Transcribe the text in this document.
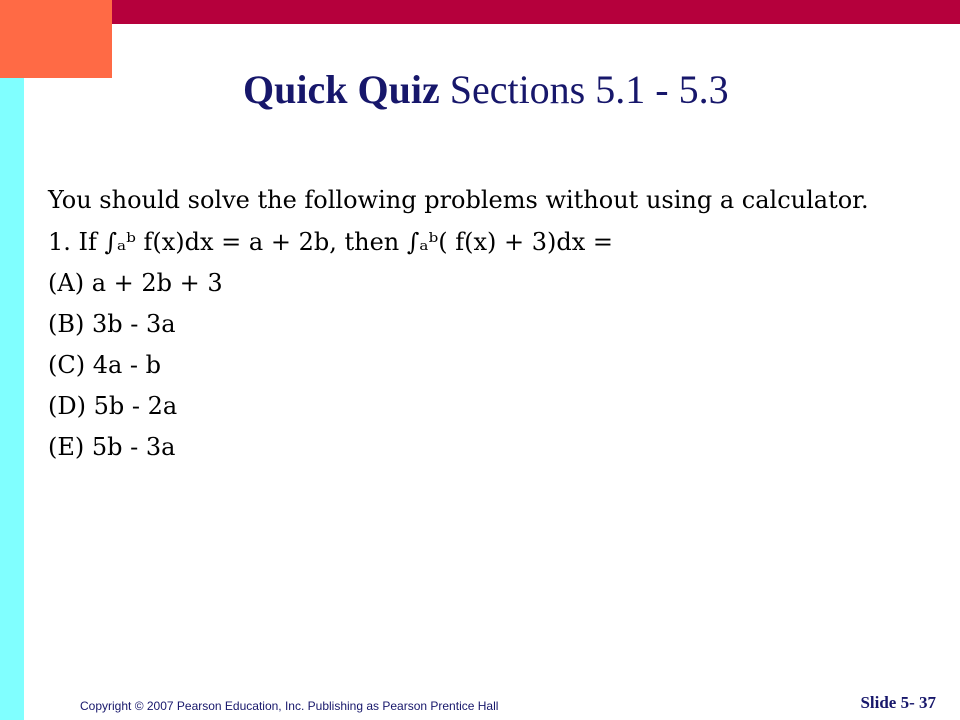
Quick Quiz Sections 5.1 - 5.3
You should solve the following problems without using a calculator.
1. If ∫ₐᵇ f(x)dx = a + 2b, then ∫ₐᵇ( f(x) + 3)dx =
(A) a + 2b + 3
(B) 3b - 3a
(C) 4a - b
(D) 5b - 2a
(E) 5b - 3a
Copyright © 2007 Pearson Education, Inc. Publishing as Pearson Prentice Hall	Slide 5- 37
